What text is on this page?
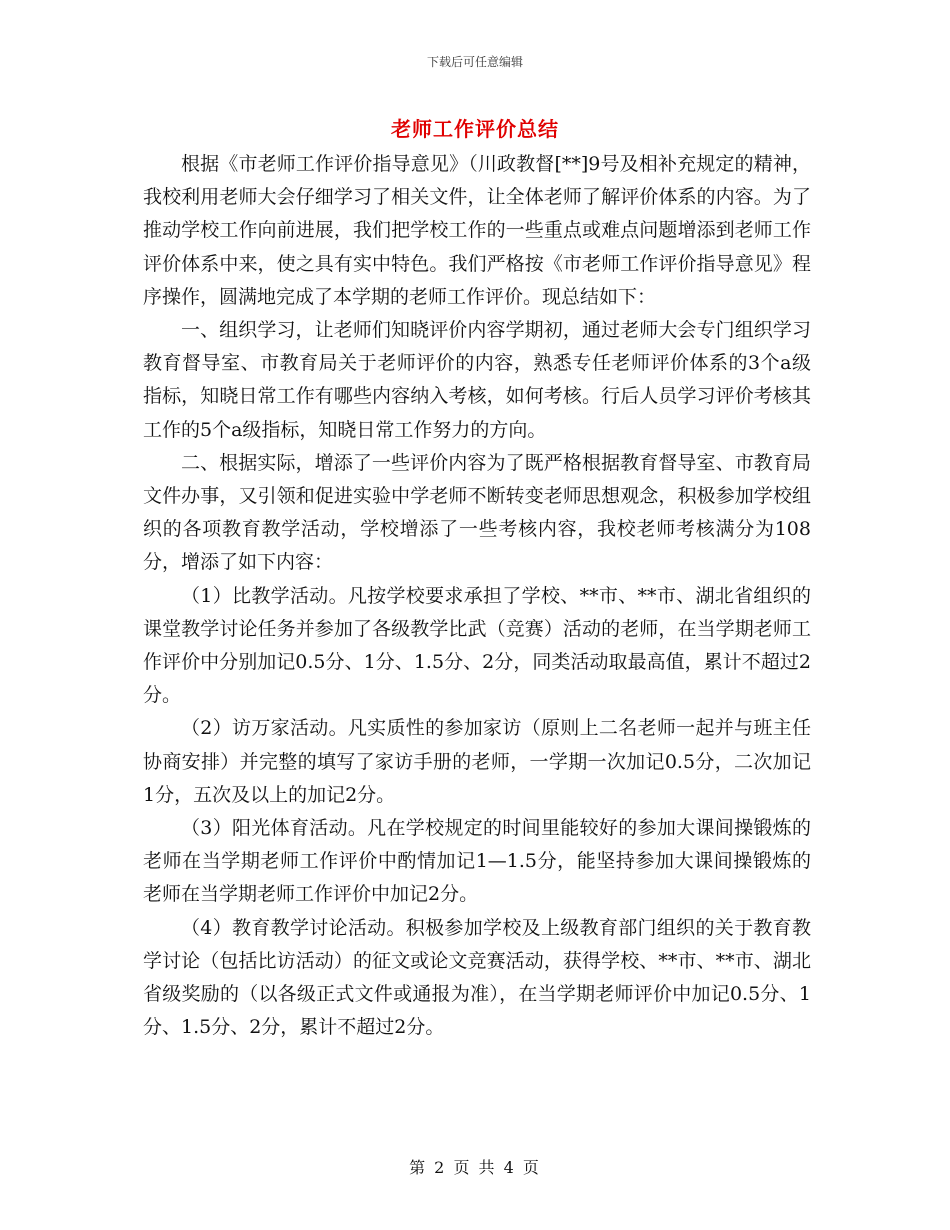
下载后可任意编辑
老师工作评价总结

根据《市老师工作评价指导意见》（川政教督[**]9号及相补充规定的精神，我校利用老师大会仔细学习了相关文件，让全体老师了解评价体系的内容。为了推动学校工作向前进展，我们把学校工作的一些重点或难点问题增添到老师工作评价体系中来，使之具有实中特色。我们严格按《市老师工作评价指导意见》程序操作，圆满地完成了本学期的老师工作评价。现总结如下：

一、组织学习，让老师们知晓评价内容学期初，通过老师大会专门组织学习教育督导室、市教育局关于老师评价的内容，熟悉专任老师评价体系的3个a级指标，知晓日常工作有哪些内容纳入考核，如何考核。行后人员学习评价考核其工作的5个a级指标，知晓日常工作努力的方向。

二、根据实际，增添了一些评价内容为了既严格根据教育督导室、市教育局文件办事，又引领和促进实验中学老师不断转变老师思想观念，积极参加学校组织的各项教育教学活动，学校增添了一些考核内容，我校老师考核满分为108分，增添了如下内容：

（1）比教学活动。凡按学校要求承担了学校、**市、**市、湖北省组织的课堂教学讨论任务并参加了各级教学比武（竞赛）活动的老师，在当学期老师工作评价中分别加记0.5分、1分、1.5分、2分，同类活动取最高值，累计不超过2分。

（2）访万家活动。凡实质性的参加家访（原则上二名老师一起并与班主任协商安排）并完整的填写了家访手册的老师，一学期一次加记0.5分，二次加记1分，五次及以上的加记2分。

（3）阳光体育活动。凡在学校规定的时间里能较好的参加大课间操锻炼的老师在当学期老师工作评价中酌情加记1—1.5分，能坚持参加大课间操锻炼的老师在当学期老师工作评价中加记2分。

（4）教育教学讨论活动。积极参加学校及上级教育部门组织的关于教育教学讨论（包括比访活动）的征文或论文竞赛活动，获得学校、**市、**市、湖北省级奖励的（以各级正式文件或通报为准），在当学期老师评价中加记0.5分、1分、1.5分、2分，累计不超过2分。

第 2 页 共 4 页
